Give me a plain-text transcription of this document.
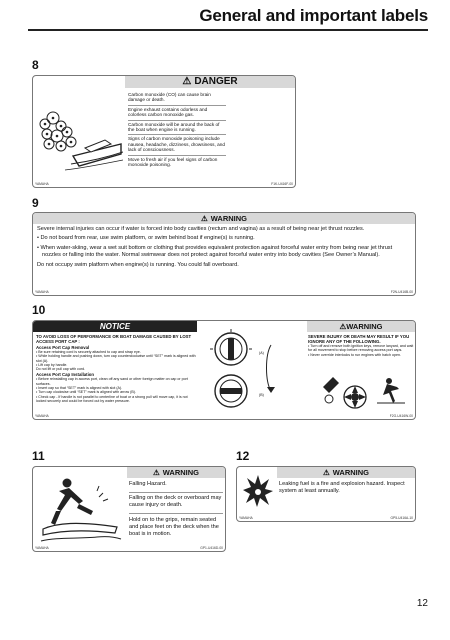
General and important labels
8
⚠ DANGER
Carbon monoxide (CO) can cause brain damage or death.
Engine exhaust contains odorless and colorless carbon monoxide gas.
Carbon monoxide will be around the back of the boat when engine is running.
Signs of carbon monoxide poisoning include nausea, headache, dizziness, drowsiness, and lack of consciousness.
Move to fresh air if you feel signs of carbon monoxide poisoning.
YAMAHA	F1K-U416F-00
9
⚠ WARNING

Severe internal injuries can occur if water is forced into body cavities (rectum and vagina) as a result of being near jet thrust nozzles.

• Do not board from rear, use swim platform, or swim behind boat if engine(s) is running.

• When water-skiing, wear a wet suit bottom or clothing that provides equivalent protection against forceful water entry from being near jet thrust nozzles or falling into the water. Normal swimwear does not protect against forceful water entry into body cavities (See Owner’s Manual).

Do not occupy swim platform when engine(s) is running. You could fall overboard.

YAMAHA	F2N-U416B-00
10
NOTICE
TO AVOID LOSS OF PERFORMANCE OR BOAT DAMAGE CAUSED BY LOST ACCESS PORT CAP :
Access Port Cap Removal
• Be sure retaining cord is securely attached to cap and strap eye.
• While holding handle and pushing down, turn cap counterclockwise until “SET” mark is aligned with slot (A).
• Lift cap by handle.
Do not lift or pull cap with cord.
Access Port Cap Installation
• Before reinstalling cap in access port, clean off any sand or other foreign matter on cap or port surfaces.
• Insert cap so that “SET” mark is aligned with slot (A).
• Turn cap clockwise until “SET” mark is aligned with arrow (B).
• Check cap - If handle is not parallel to centerline of boat or a strong pull will move cap, it is not locked securely and could be forced out by water pressure.
(A)
(B)
⚠WARNING
SEVERE INJURY OR DEATH MAY RESULT IF YOU IGNORE ANY OF THE FOLLOWING.
• Turn off and remove both ignition keys, remove lanyard, and wait for all movement to stop before removing access port caps.
• Never override interlocks to run engines with hatch open.
YAMAHA	F2G-U416W-00
11
⚠ WARNING
Falling Hazard.
Falling on the deck or overboard may cause injury or death.
Hold on to the grips, remain seated and place feet on the deck when the boat is in motion.
YAMAHA	GP1-U416D-00
12
⚠ WARNING
Leaking fuel is a fire and explosion hazard. Inspect system at least annually.
YAMAHA	GP5-U416A-10
12
